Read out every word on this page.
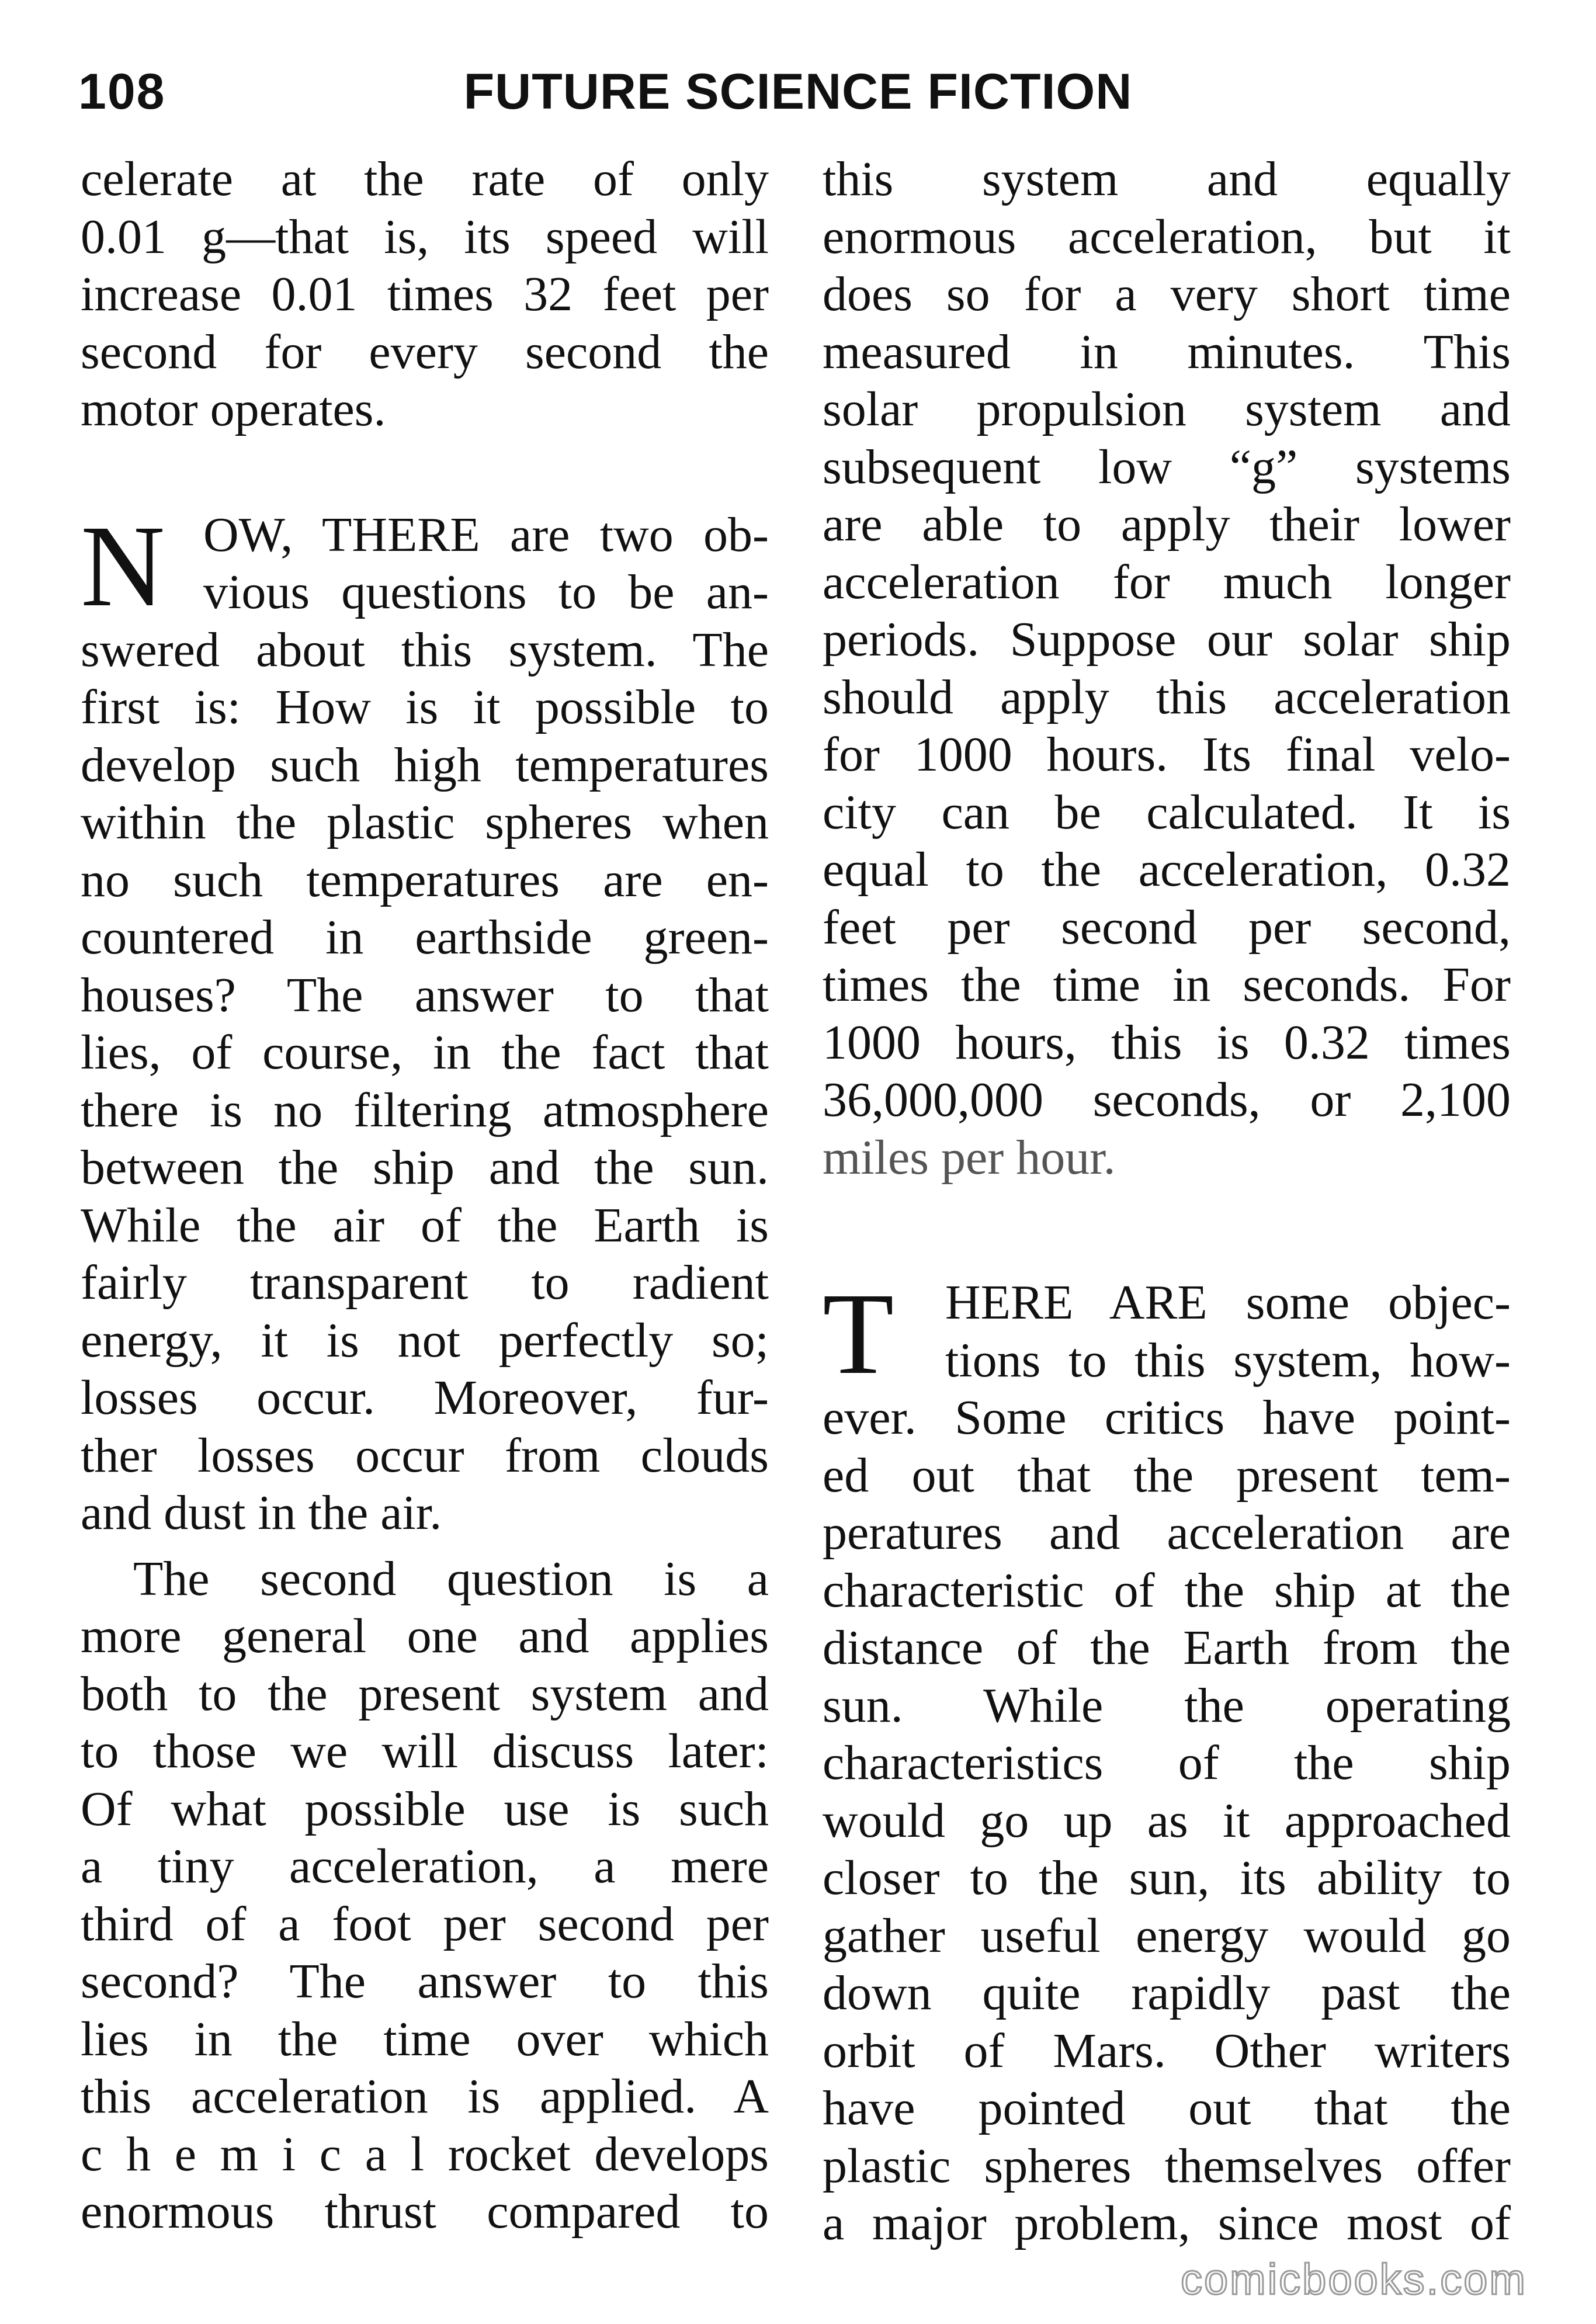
108	FUTURE SCIENCE FICTION
celerate at the rate of only
0.01 g—that is, its speed will
increase 0.01 times 32 feet per
second for every second the
motor operates.
N OW, THERE are two ob-
vious questions to be an-
swered about this system. The
first is: How is it possible to
develop such high temperatures
within the plastic spheres when
no such temperatures are en-
countered in earthside green-
houses? The answer to that
lies, of course, in the fact that
there is no filtering atmosphere
between the ship and the sun.
While the air of the Earth is
fairly transparent to radient
energy, it is not perfectly so;
losses occur. Moreover, fur-
ther losses occur from clouds
and dust in the air.
The second question is a
more general one and applies
both to the present system and
to those we will discuss later:
Of what possible use is such
a tiny acceleration, a mere
third of a foot per second per
second? The answer to this
lies in the time over which
this acceleration is applied. A
c h e m i c a l rocket develops
enormous thrust compared to
this system and equally
enormous acceleration, but it
does so for a very short time
measured in minutes. This
solar propulsion system and
subsequent low “g” systems
are able to apply their lower
acceleration for much longer
periods. Suppose our solar ship
should apply this acceleration
for 1000 hours. Its final velo-
city can be calculated. It is
equal to the acceleration, 0.32
feet per second per second,
times the time in seconds. For
1000 hours, this is 0.32 times
36,000,000 seconds, or 2,100
miles per hour.
T	HERE ARE some objec-
tions to this system, how-
ever. Some critics have point-
ed out that the present tem-
peratures and acceleration are
characteristic of the ship at the
distance of the Earth from the
sun. While the operating
characteristics of the ship
would go up as it approached
closer to the sun, its ability to
gather useful energy would go
down quite rapidly past the
orbit of Mars. Other writers
have pointed out that the
plastic spheres themselves offer
a major problem, since most of
comicbooks.com
